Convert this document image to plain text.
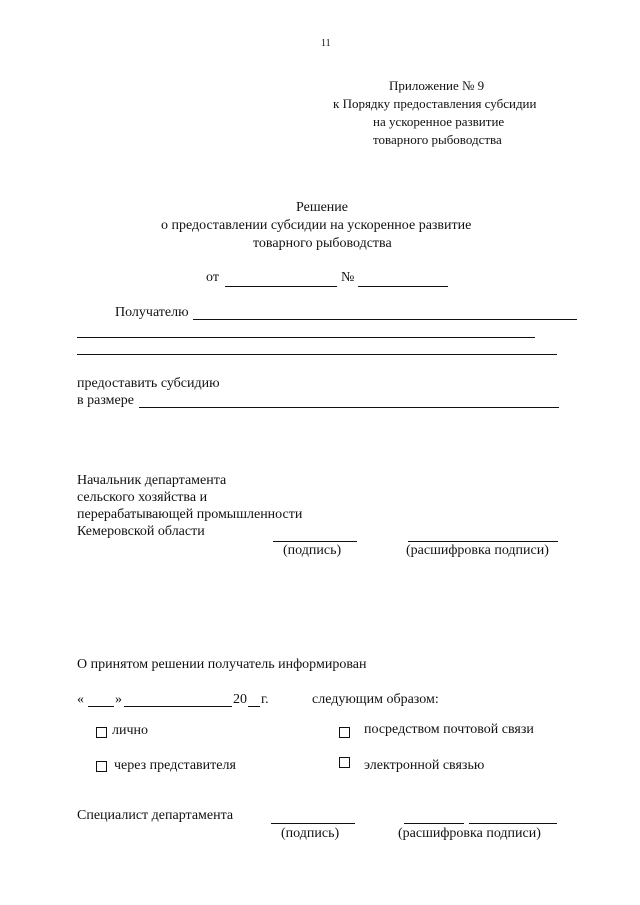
11
Приложение № 9
к Порядку предоставления субсидии
на ускоренное развитие
товарного рыбоводства
Решение
о предоставлении субсидии на ускоренное развитие
товарного рыбоводства
от	№
Получателю
предоставить субсидию
в размере
Начальник департамента
сельского хозяйства и
перерабатывающей промышленности
Кемеровской области
(подпись)	(расшифровка подписи)
О принятом решении получатель информирован
« »	20 г.	следующим образом:
лично	посредством почтовой связи
через представителя	электронной связью
Специалист департамента
(подпись)	(расшифровка подписи)
